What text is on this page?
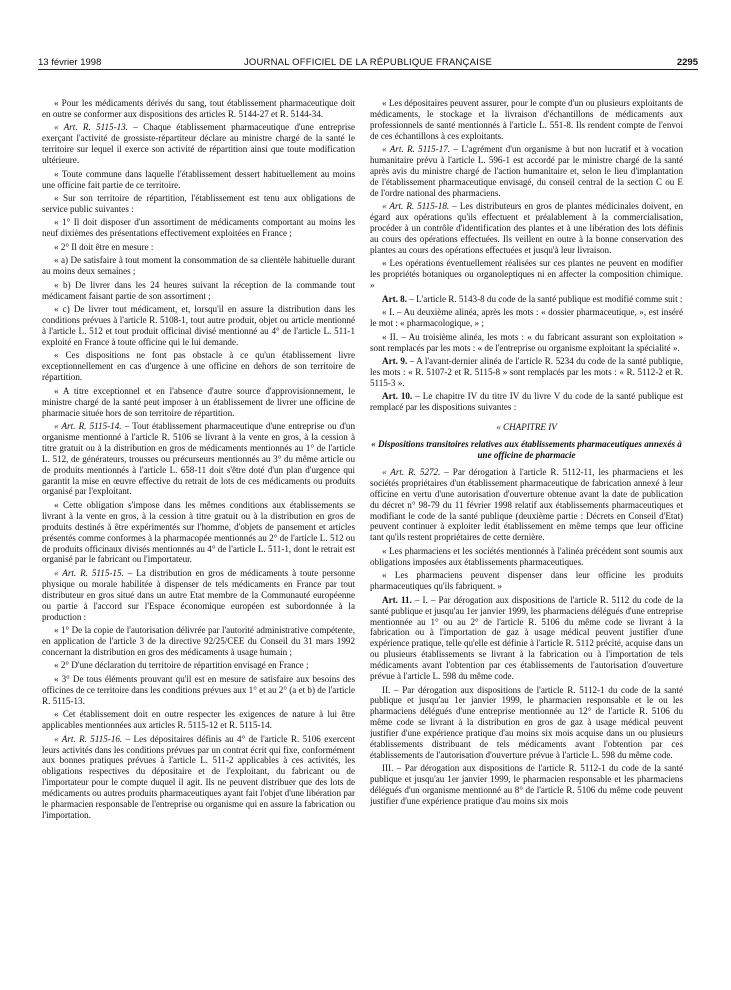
13 février 1998	JOURNAL OFFICIEL DE LA RÉPUBLIQUE FRANÇAISE	2295

« Pour les médicaments dérivés du sang, tout établissement pharmaceutique doit en outre se conformer aux dispositions des articles R. 5144-27 et R. 5144-34.

« Art. R. 5115-13. – Chaque établissement pharmaceutique d'une entreprise exerçant l'activité de grossiste-répartiteur déclare au ministre chargé de la santé le territoire sur lequel il exerce son activité de répartition ainsi que toute modification ultérieure.

« Toute commune dans laquelle l'établissement dessert habituellement au moins une officine fait partie de ce territoire.

« Sur son territoire de répartition, l'établissement est tenu aux obligations de service public suivantes :

« 1° Il doit disposer d'un assortiment de médicaments comportant au moins les neuf dixièmes des présentations effectivement exploitées en France ;

« 2° Il doit être en mesure :

« a) De satisfaire à tout moment la consommation de sa clientèle habituelle durant au moins deux semaines ;

« b) De livrer dans les 24 heures suivant la réception de la commande tout médicament faisant partie de son assortiment ;

« c) De livrer tout médicament, et, lorsqu'il en assure la distribution dans les conditions prévues à l'article R. 5108-1, tout autre produit, objet ou article mentionné à l'article L. 512 et tout produit officinal divisé mentionné au 4° de l'article L. 511-1 exploité en France à toute officine qui le lui demande.

« Ces dispositions ne font pas obstacle à ce qu'un établissement livre exceptionnellement en cas d'urgence à une officine en dehors de son territoire de répartition.

« A titre exceptionnel et en l'absence d'autre source d'approvisionnement, le ministre chargé de la santé peut imposer à un établissement de livrer une officine de pharmacie située hors de son territoire de répartition.

« Art. R. 5115-14. – Tout établissement pharmaceutique d'une entreprise ou d'un organisme mentionné à l'article R. 5106 se livrant à la vente en gros, à la cession à titre gratuit ou à la distribution en gros de médicaments mentionnés au 1° de l'article L. 512, de générateurs, trousses ou précurseurs mentionnés au 3° du même article ou de produits mentionnés à l'article L. 658-11 doit s'être doté d'un plan d'urgence qui garantit la mise en œuvre effective du retrait de lots de ces médicaments ou produits organisé par l'exploitant.

« Cette obligation s'impose dans les mêmes conditions aux établissements se livrant à la vente en gros, à la cession à titre gratuit ou à la distribution en gros de produits destinés à être expérimentés sur l'homme, d'objets de pansement et articles présentés comme conformes à la pharmacopée mentionnés au 2° de l'article L. 512 ou de produits officinaux divisés mentionnés au 4° de l'article L. 511-1, dont le retrait est organisé par le fabricant ou l'importateur.

« Art. R. 5115-15. – La distribution en gros de médicaments à toute personne physique ou morale habilitée à dispenser de tels médicaments en France par tout distributeur en gros situé dans un autre Etat membre de la Communauté européenne ou partie à l'accord sur l'Espace économique européen est subordonnée à la production :

« 1° De la copie de l'autorisation délivrée par l'autorité administrative compétente, en application de l'article 3 de la directive 92/25/CEE du Conseil du 31 mars 1992 concernant la distribution en gros des médicaments à usage humain ;

« 2° D'une déclaration du territoire de répartition envisagé en France ;

« 3° De tous éléments prouvant qu'il est en mesure de satisfaire aux besoins des officines de ce territoire dans les conditions prévues aux 1° et au 2° (a et b) de l'article R. 5115-13.

« Cet établissement doit en outre respecter les exigences de nature à lui être applicables mentionnées aux articles R. 5115-12 et R. 5115-14.

« Art. R. 5115-16. – Les dépositaires définis au 4° de l'article R. 5106 exercent leurs activités dans les conditions prévues par un contrat écrit qui fixe, conformément aux bonnes pratiques prévues à l'article L. 511-2 applicables à ces activités, les obligations respectives du dépositaire et de l'exploitant, du fabricant ou de l'importateur pour le compte duquel il agit. Ils ne peuvent distribuer que des lots de médicaments ou autres produits pharmaceutiques ayant fait l'objet d'une libération par le pharmacien responsable de l'entreprise ou organisme qui en assure la fabrication ou l'importation.

« Les dépositaires peuvent assurer, pour le compte d'un ou plusieurs exploitants de médicaments, le stockage et la livraison d'échantillons de médicaments aux professionnels de santé mentionnés à l'article L. 551-8. Ils rendent compte de l'envoi de ces échantillons à ces exploitants.

« Art. R. 5115-17. – L'agrément d'un organisme à but non lucratif et à vocation humanitaire prévu à l'article L. 596-1 est accordé par le ministre chargé de la santé après avis du ministre chargé de l'action humanitaire et, selon le lieu d'implantation de l'établissement pharmaceutique envisagé, du conseil central de la section C ou E de l'ordre national des pharmaciens.

« Art. R. 5115-18. – Les distributeurs en gros de plantes médicinales doivent, en égard aux opérations qu'ils effectuent et préalablement à la commercialisation, procéder à un contrôle d'identification des plantes et à une libération des lots définis au cours des opérations effectuées. Ils veillent en outre à la bonne conservation des plantes au cours des opérations effectuées et jusqu'à leur livraison.

« Les opérations éventuellement réalisées sur ces plantes ne peuvent en modifier les propriétés botaniques ou organoleptiques ni en affecter la composition chimique. »

Art. 8. – L'article R. 5143-8 du code de la santé publique est modifié comme suit :

« I. – Au deuxième alinéa, après les mots : « dossier pharmaceutique, », est inséré le mot : « pharmacologique, » ;

« II. – Au troisième alinéa, les mots : « du fabricant assurant son exploitation » sont remplacés par les mots : « de l'entreprise ou organisme exploitant la spécialité ».

Art. 9. – A l'avant-dernier alinéa de l'article R. 5234 du code de la santé publique, les mots : « R. 5107-2 et R. 5115-8 » sont remplacés par les mots : « R. 5112-2 et R. 5115-3 ».

Art. 10. – Le chapitre IV du titre IV du livre V du code de la santé publique est remplacé par les dispositions suivantes :

« CHAPITRE IV

« Dispositions transitoires relatives aux établissements pharmaceutiques annexés à une officine de pharmacie

« Art. R. 5272. – Par dérogation à l'article R. 5112-11, les pharmaciens et les sociétés propriétaires d'un établissement pharmaceutique de fabrication annexé à leur officine en vertu d'une autorisation d'ouverture obtenue avant la date de publication du décret n° 98-79 du 11 février 1998 relatif aux établissements pharmaceutiques et modifiant le code de la santé publique (deuxième partie : Décrets en Conseil d'Etat) peuvent continuer à exploiter ledit établissement en même temps que leur officine tant qu'ils restent propriétaires de cette dernière.

« Les pharmaciens et les sociétés mentionnés à l'alinéa précédent sont soumis aux obligations imposées aux établissements pharmaceutiques.

« Les pharmaciens peuvent dispenser dans leur officine les produits pharmaceutiques qu'ils fabriquent. »

Art. 11. – I. – Par dérogation aux dispositions de l'article R. 5112 du code de la santé publique et jusqu'au 1er janvier 1999, les pharmaciens délégués d'une entreprise mentionnée au 1° ou au 2° de l'article R. 5106 du même code se livrant à la fabrication ou à l'importation de gaz à usage médical peuvent justifier d'une expérience pratique, telle qu'elle est définie à l'article R. 5112 précité, acquise dans un ou plusieurs établissements se livrant à la fabrication ou à l'importation de tels médicaments avant l'obtention par ces établissements de l'autorisation d'ouverture prévue à l'article L. 598 du même code.

II. – Par dérogation aux dispositions de l'article R. 5112-1 du code de la santé publique et jusqu'au 1er janvier 1999, le pharmacien responsable et le ou les pharmaciens délégués d'une entreprise mentionnée au 12° de l'article R. 5106 du même code se livrant à la distribution en gros de gaz à usage médical peuvent justifier d'une expérience pratique d'au moins six mois acquise dans un ou plusieurs établissements distribuant de tels médicaments avant l'obtention par ces établissements de l'autorisation d'ouverture prévue à l'article L. 598 du même code.

III. – Par dérogation aux dispositions de l'article R. 5112-1 du code de la santé publique et jusqu'au 1er janvier 1999, le pharmacien responsable et les pharmaciens délégués d'un organisme mentionné au 8° de l'article R. 5106 du même code peuvent justifier d'une expérience pratique d'au moins six mois
